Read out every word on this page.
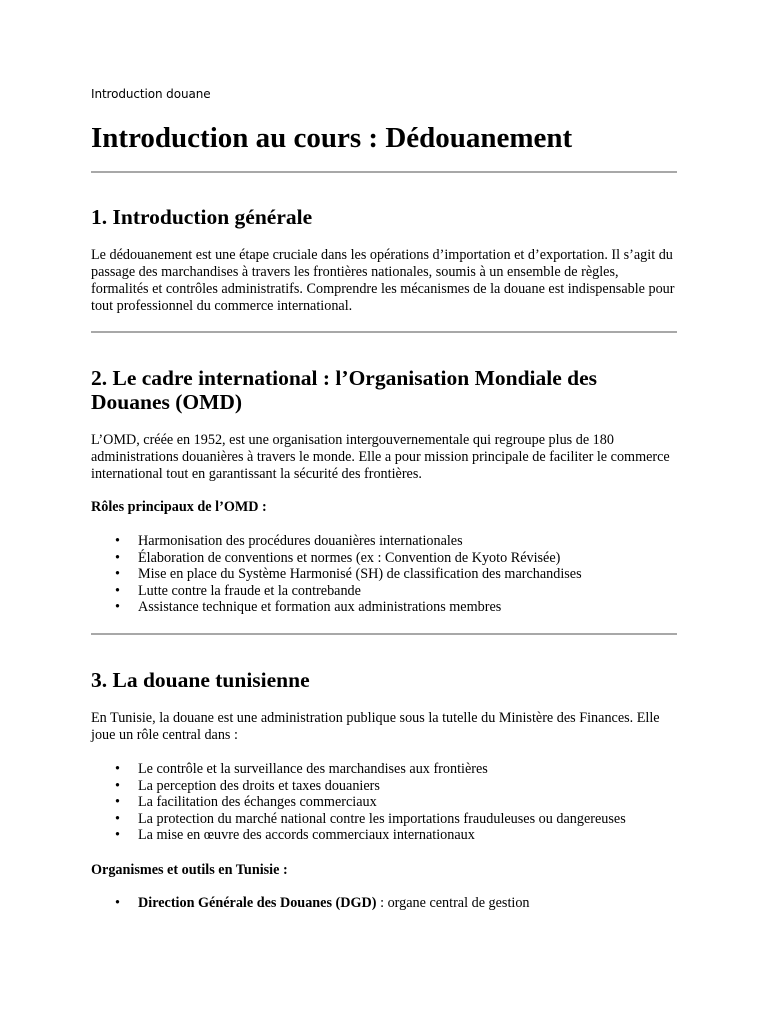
Introduction douane
Introduction au cours : Dédouanement
1. Introduction générale

Le dédouanement est une étape cruciale dans les opérations d’importation et d’exportation. Il s’agit du passage des marchandises à travers les frontières nationales, soumis à un ensemble de règles, formalités et contrôles administratifs. Comprendre les mécanismes de la douane est indispensable pour tout professionnel du commerce international.

2. Le cadre international : l’Organisation Mondiale des Douanes (OMD)

L’OMD, créée en 1952, est une organisation intergouvernementale qui regroupe plus de 180 administrations douanières à travers le monde. Elle a pour mission principale de faciliter le commerce international tout en garantissant la sécurité des frontières.

Rôles principaux de l’OMD :

• Harmonisation des procédures douanières internationales
• Élaboration de conventions et normes (ex : Convention de Kyoto Révisée)
• Mise en place du Système Harmonisé (SH) de classification des marchandises
• Lutte contre la fraude et la contrebande
• Assistance technique et formation aux administrations membres
3. La douane tunisienne

En Tunisie, la douane est une administration publique sous la tutelle du Ministère des Finances. Elle joue un rôle central dans :

• Le contrôle et la surveillance des marchandises aux frontières
• La perception des droits et taxes douaniers
• La facilitation des échanges commerciaux
• La protection du marché national contre les importations frauduleuses ou dangereuses
• La mise en œuvre des accords commerciaux internationaux

Organismes et outils en Tunisie :

• Direction Générale des Douanes (DGD) : organe central de gestion
